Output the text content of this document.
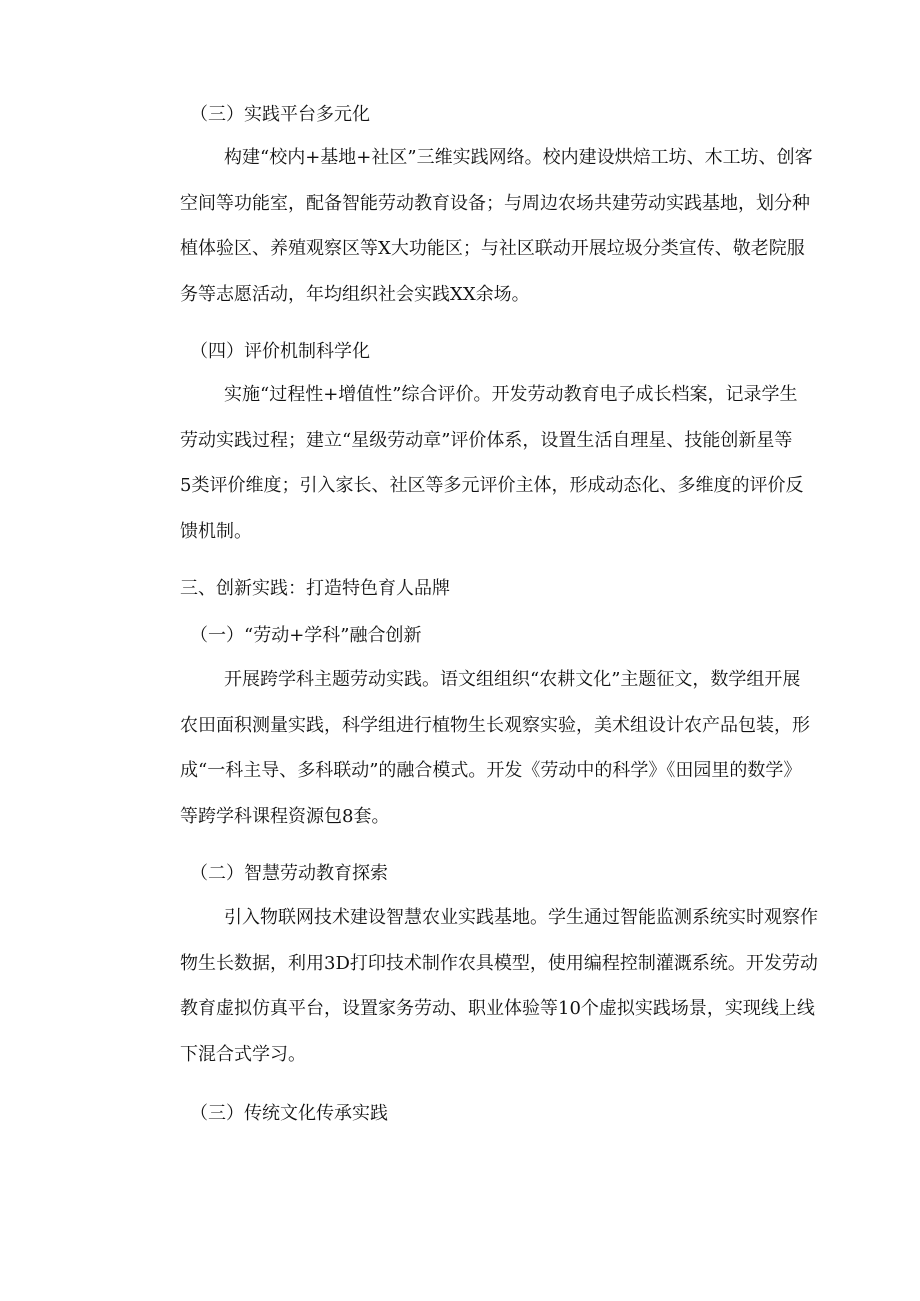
（三）实践平台多元化
构建“校内+基地+社区”三维实践网络。校内建设烘焙工坊、木工坊、创客
空间等功能室，配备智能劳动教育设备；与周边农场共建劳动实践基地，划分种
植体验区、养殖观察区等X大功能区；与社区联动开展垃圾分类宣传、敬老院服
务等志愿活动，年均组织社会实践XX余场。
（四）评价机制科学化
实施“过程性+增值性”综合评价。开发劳动教育电子成长档案，记录学生
劳动实践过程；建立“星级劳动章”评价体系，设置生活自理星、技能创新星等
5类评价维度；引入家长、社区等多元评价主体，形成动态化、多维度的评价反
馈机制。
三、创新实践：打造特色育人品牌
（一）“劳动+学科”融合创新
开展跨学科主题劳动实践。语文组组织“农耕文化”主题征文，数学组开展
农田面积测量实践，科学组进行植物生长观察实验，美术组设计农产品包装，形
成“一科主导、多科联动”的融合模式。开发《劳动中的科学》《田园里的数学》
等跨学科课程资源包8套。
（二）智慧劳动教育探索
引入物联网技术建设智慧农业实践基地。学生通过智能监测系统实时观察作
物生长数据，利用3D打印技术制作农具模型，使用编程控制灌溉系统。开发劳动
教育虚拟仿真平台，设置家务劳动、职业体验等10个虚拟实践场景，实现线上线
下混合式学习。
（三）传统文化传承实践
